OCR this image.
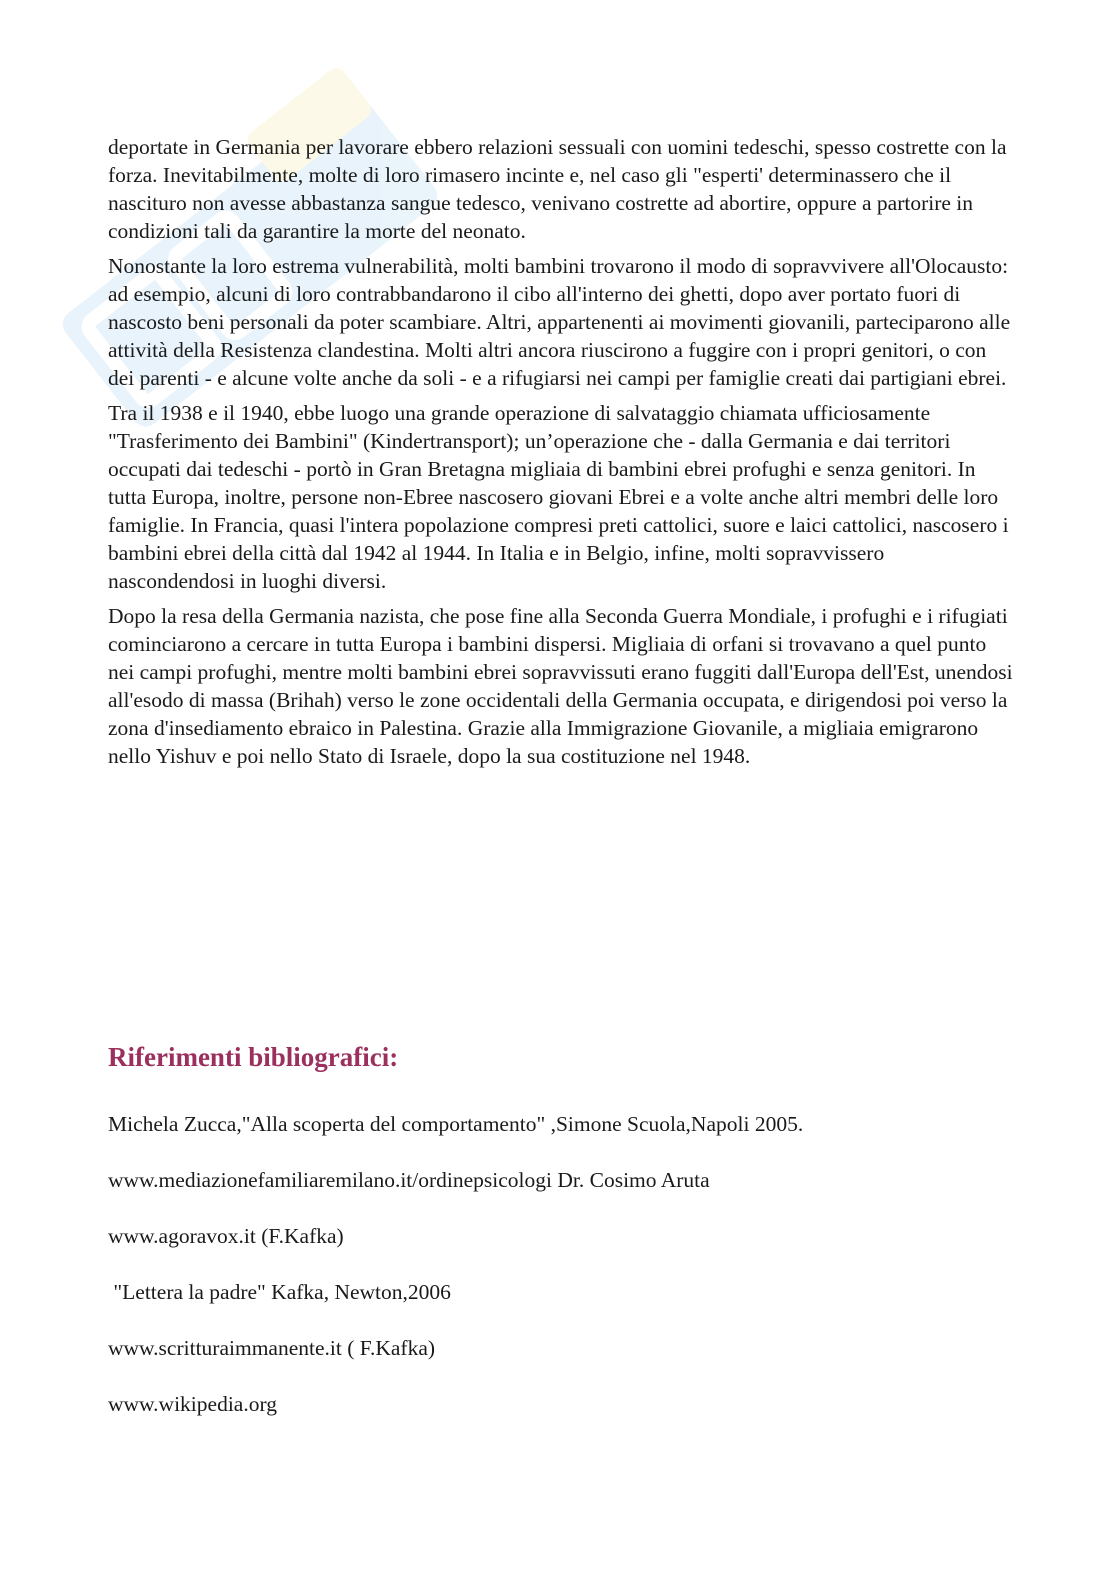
deportate in Germania per lavorare ebbero relazioni sessuali con uomini tedeschi, spesso costrette con la forza. Inevitabilmente, molte di loro rimasero incinte e, nel caso gli "esperti' determinassero che il nascituro non avesse abbastanza sangue tedesco, venivano costrette ad abortire, oppure a partorire in condizioni tali da garantire la morte del neonato.

Nonostante la loro estrema vulnerabilità, molti bambini trovarono il modo di sopravvivere all'Olocausto: ad esempio, alcuni di loro contrabbandarono il cibo all'interno dei ghetti, dopo aver portato fuori di nascosto beni personali da poter scambiare. Altri, appartenenti ai movimenti giovanili, parteciparono alle attività della Resistenza clandestina. Molti altri ancora riuscirono a fuggire con i propri genitori, o con dei parenti - e alcune volte anche da soli - e a rifugiarsi nei campi per famiglie creati dai partigiani ebrei.

Tra il 1938 e il 1940, ebbe luogo una grande operazione di salvataggio chiamata ufficiosamente "Trasferimento dei Bambini" (Kindertransport); un’operazione che - dalla Germania e dai territori occupati dai tedeschi - portò in Gran Bretagna migliaia di bambini ebrei profughi e senza genitori. In tutta Europa, inoltre, persone non-Ebree nascosero giovani Ebrei e a volte anche altri membri delle loro famiglie. In Francia, quasi l'intera popolazione compresi preti cattolici, suore e laici cattolici, nascosero i bambini ebrei della città dal 1942 al 1944. In Italia e in Belgio, infine, molti sopravvissero nascondendosi in luoghi diversi.

Dopo la resa della Germania nazista, che pose fine alla Seconda Guerra Mondiale, i profughi e i rifugiati cominciarono a cercare in tutta Europa i bambini dispersi. Migliaia di orfani si trovavano a quel punto nei campi profughi, mentre molti bambini ebrei sopravvissuti erano fuggiti dall'Europa dell'Est, unendosi all'esodo di massa (Brihah) verso le zone occidentali della Germania occupata, e dirigendosi poi verso la zona d'insediamento ebraico in Palestina. Grazie alla Immigrazione Giovanile, a migliaia emigrarono nello Yishuv e poi nello Stato di Israele, dopo la sua costituzione nel 1948.

Riferimenti bibliografici:
Michela Zucca,"Alla scoperta del comportamento" ,Simone Scuola,Napoli 2005.
www.mediazionefamiliaremilano.it/ordinepsicologi Dr. Cosimo Aruta
www.agoravox.it (F.Kafka)
"Lettera la padre" Kafka, Newton,2006
www.scritturaimmanente.it ( F.Kafka)
www.wikipedia.org
